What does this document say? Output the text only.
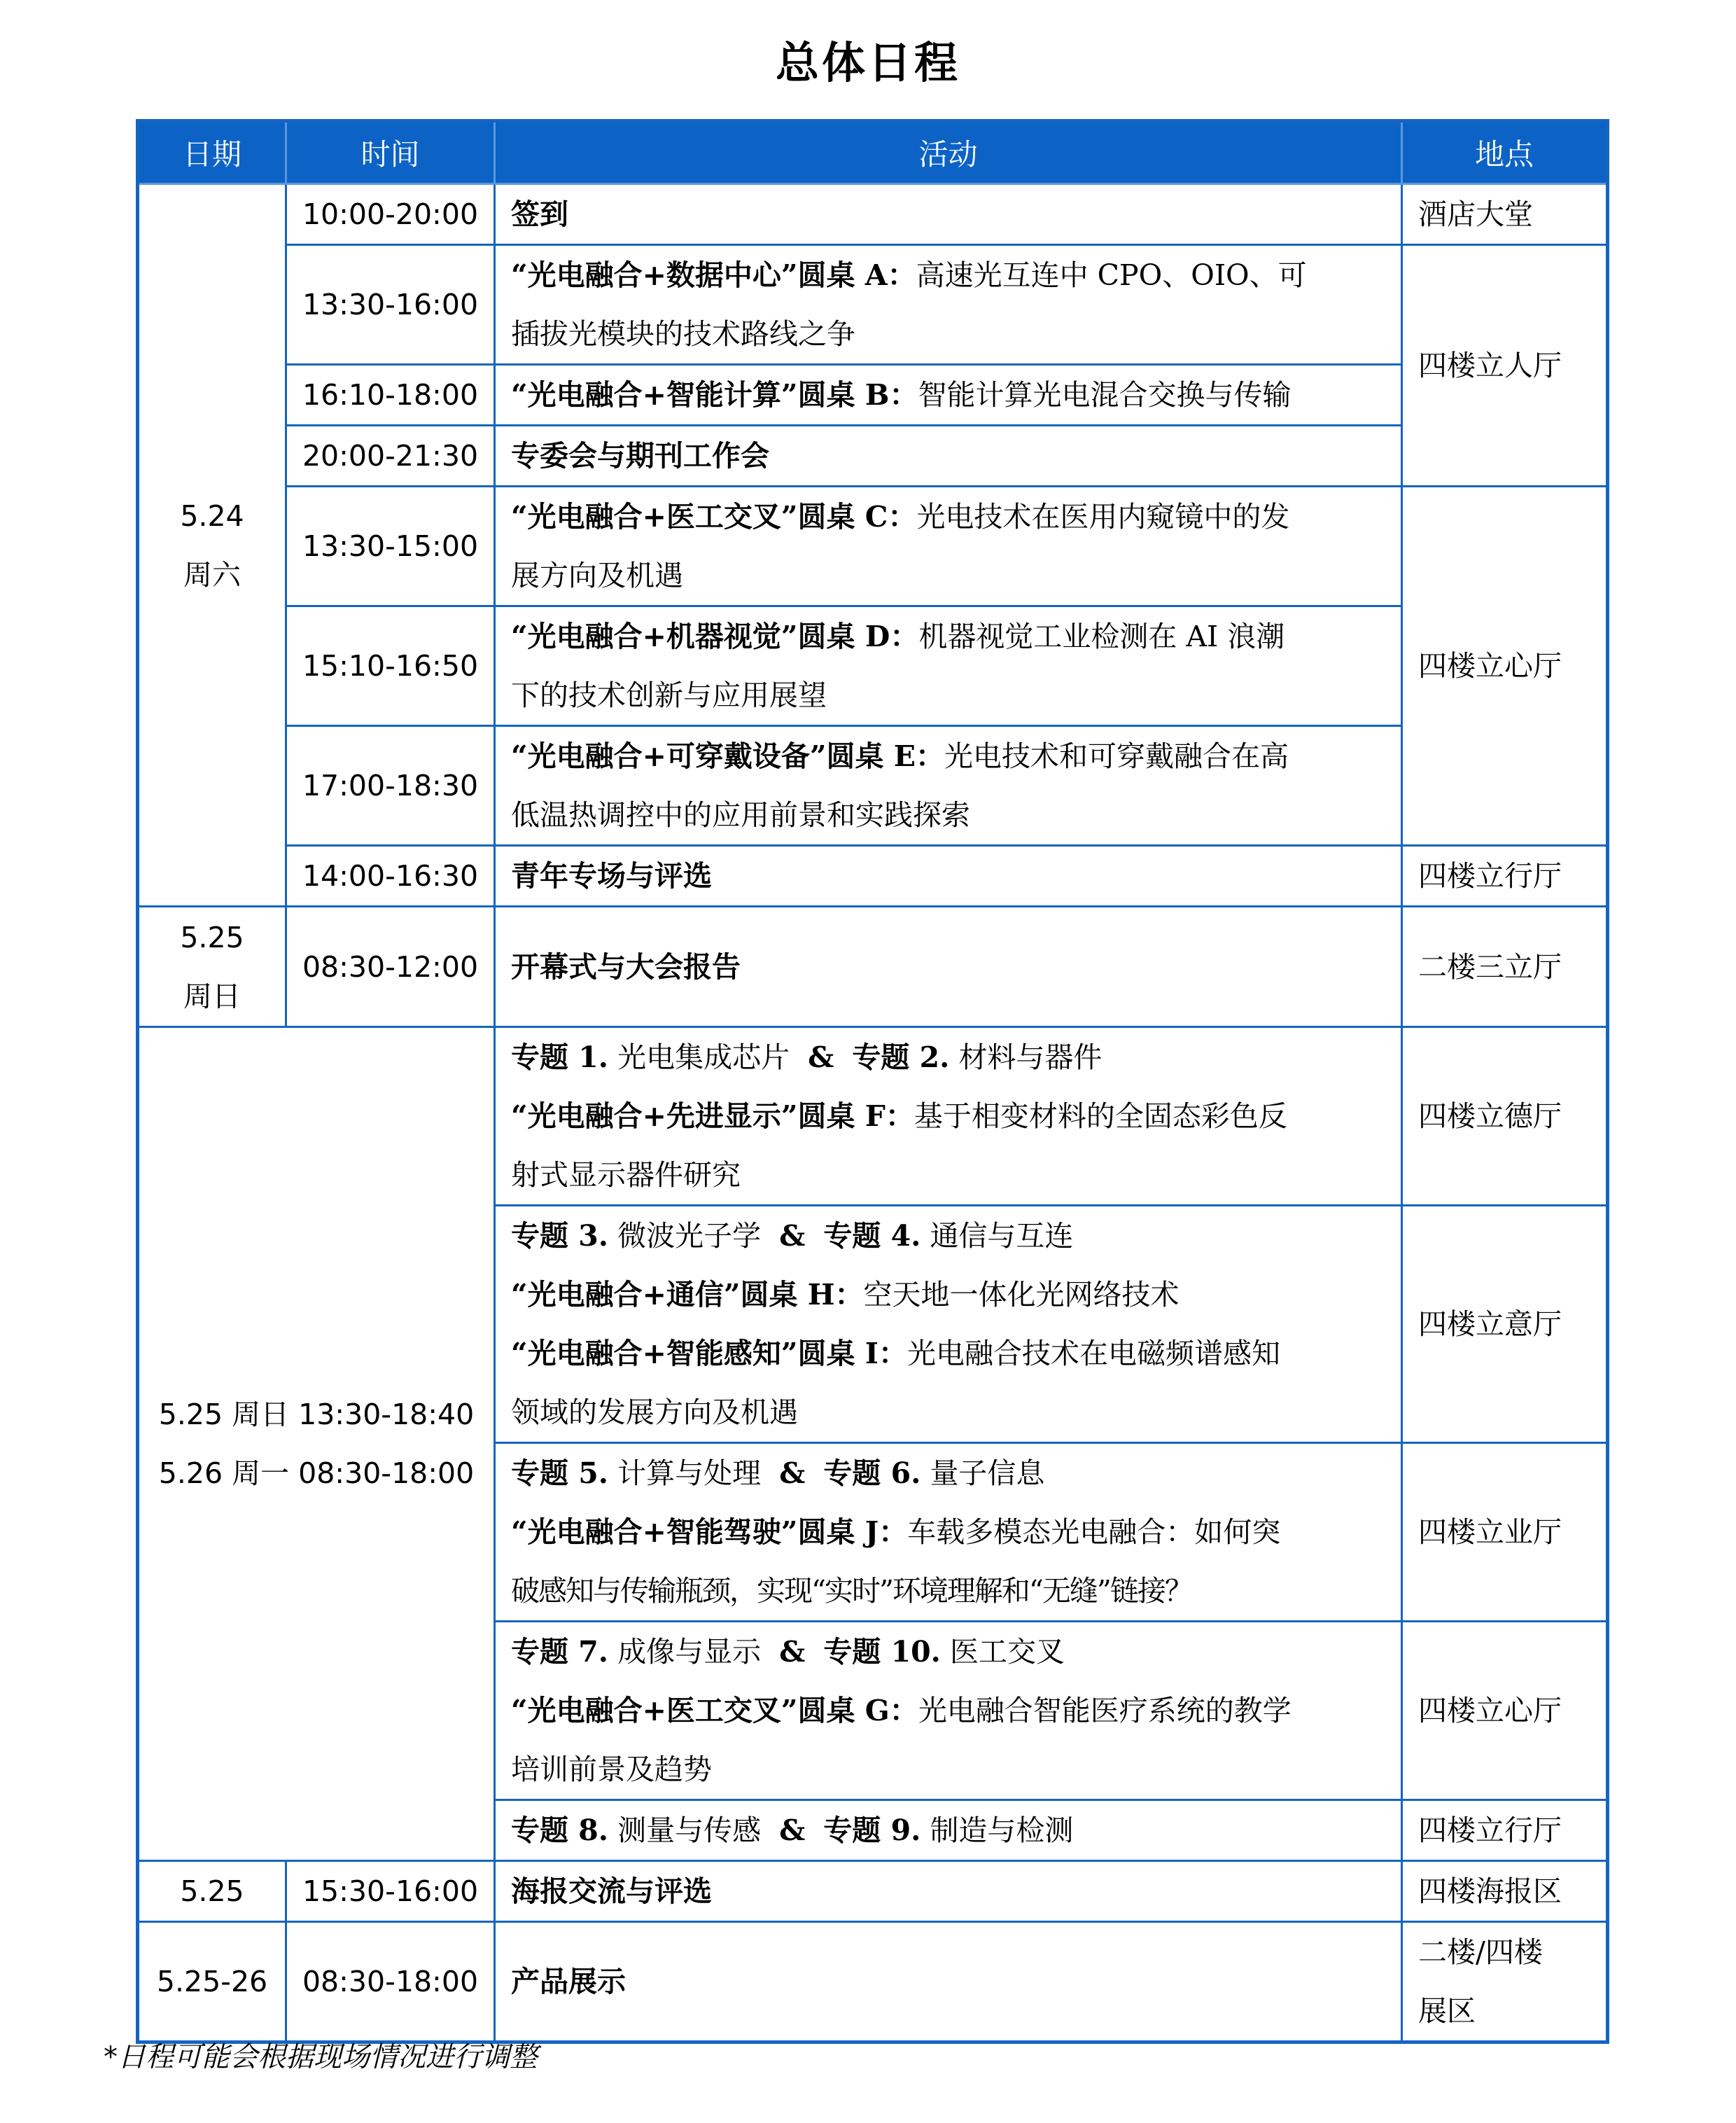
总体日程
日期	时间	活动	地点

5.24
周六	10:00-20:00	签到	酒店大堂
	13:30-16:00	“光电融合+数据中心”圆桌 A：高速光互连中 CPO、OIO、可
插拔光模块的技术路线之争	四楼立人厅
	16:10-18:00	“光电融合+智能计算”圆桌 B：智能计算光电混合交换与传输	
	20:00-21:30	专委会与期刊工作会	
	13:30-15:00	“光电融合+医工交叉”圆桌 C：光电技术在医用内窥镜中的发
展方向及机遇	四楼立心厅
	15:10-16:50	“光电融合+机器视觉”圆桌 D：机器视觉工业检测在 AI 浪潮
下的技术创新与应用展望	

	17:00-18:30	“光电融合+可穿戴设备”圆桌 E：光电技术和可穿戴融合在高
低温热调控中的应用前景和实践探索	

	14:00-16:30	青年专场与评选	四楼立行厅

5.25
周日	08:30-12:00	开幕式与大会报告	二楼三立厅

5.25 周日 13:30-18:40
5.26 周一 08:30-18:00		专题 1. 光电集成芯片 & 专题 2. 材料与器件
“光电融合+先进显示”圆桌 F：基于相变材料的全固态彩色反
射式显示器件研究	四楼立德厅

		专题 3. 微波光子学 & 专题 4. 通信与互连
“光电融合+通信”圆桌 H：空天地一体化光网络技术
“光电融合+智能感知”圆桌 I：光电融合技术在电磁频谱感知
领域的发展方向及机遇	四楼立意厅

		专题 5. 计算与处理 & 专题 6. 量子信息
“光电融合+智能驾驶”圆桌 J：车载多模态光电融合：如何突
破感知与传输瓶颈，实现“实时”环境理解和“无缝”链接？	四楼立业厅

		专题 7. 成像与显示 & 专题 10. 医工交叉
“光电融合+医工交叉”圆桌 G：光电融合智能医疗系统的教学
培训前景及趋势	四楼立心厅

		专题 8. 测量与传感 & 专题 9. 制造与检测	四楼立行厅
5.25	15:30-16:00	海报交流与评选	四楼海报区
5.25-26	08:30-18:00	产品展示	二楼/四楼
展区
*日程可能会根据现场情况进行调整
